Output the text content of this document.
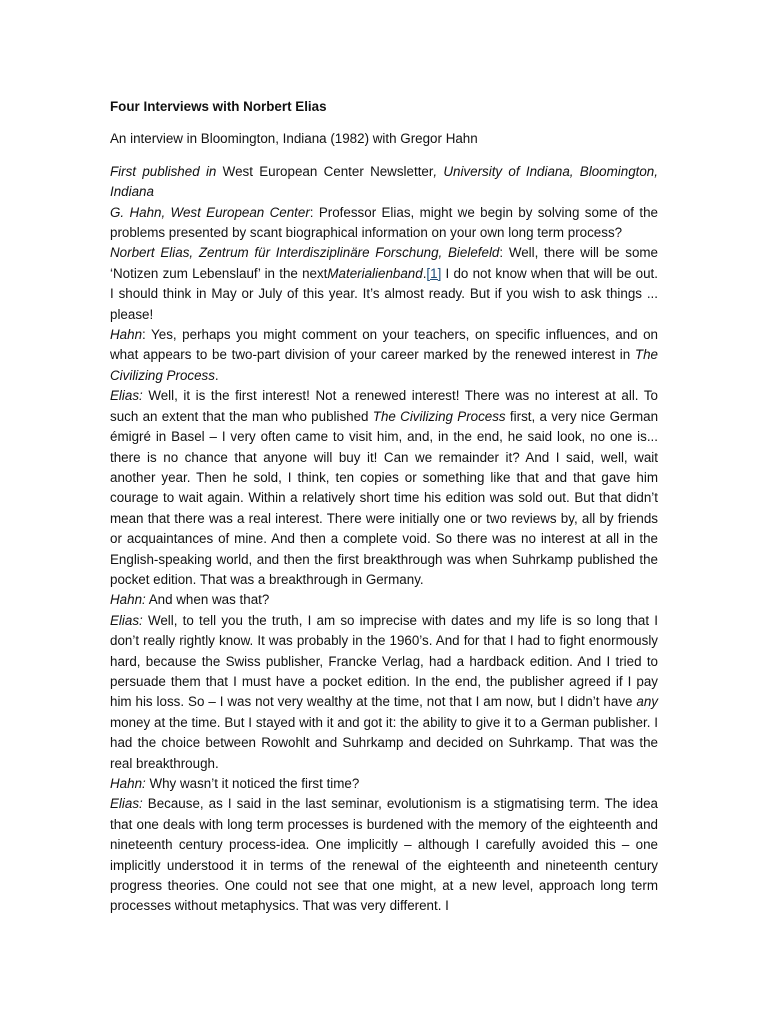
Four Interviews with Norbert Elias
An interview in Bloomington, Indiana (1982) with Gregor Hahn

First published in West European Center Newsletter, University of Indiana, Bloomington, Indiana

G. Hahn, West European Center: Professor Elias, might we begin by solving some of the problems presented by scant biographical information on your own long term process?

Norbert Elias, Zentrum für Interdisziplinäre Forschung, Bielefeld: Well, there will be some ‘Notizen zum Lebenslauf’ in the nextMaterialienband.[1] I do not know when that will be out. I should think in May or July of this year. It’s almost ready. But if you wish to ask things ... please!

Hahn: Yes, perhaps you might comment on your teachers, on specific influences, and on what appears to be two-part division of your career marked by the renewed interest in The Civilizing Process.

Elias: Well, it is the first interest! Not a renewed interest! There was no interest at all. To such an extent that the man who published The Civilizing Process first, a very nice German émigré in Basel – I very often came to visit him, and, in the end, he said look, no one is... there is no chance that anyone will buy it! Can we remainder it? And I said, well, wait another year. Then he sold, I think, ten copies or something like that and that gave him courage to wait again. Within a relatively short time his edition was sold out. But that didn’t mean that there was a real interest. There were initially one or two reviews by, all by friends or acquaintances of mine. And then a complete void. So there was no interest at all in the English-speaking world, and then the first breakthrough was when Suhrkamp published the pocket edition. That was a breakthrough in Germany.

Hahn: And when was that?

Elias: Well, to tell you the truth, I am so imprecise with dates and my life is so long that I don’t really rightly know. It was probably in the 1960’s. And for that I had to fight enormously hard, because the Swiss publisher, Francke Verlag, had a hardback edition. And I tried to persuade them that I must have a pocket edition. In the end, the publisher agreed if I pay him his loss. So – I was not very wealthy at the time, not that I am now, but I didn’t have any money at the time. But I stayed with it and got it: the ability to give it to a German publisher. I had the choice between Rowohlt and Suhrkamp and decided on Suhrkamp. That was the real breakthrough.

Hahn: Why wasn’t it noticed the first time?

Elias: Because, as I said in the last seminar, evolutionism is a stigmatising term. The idea that one deals with long term processes is burdened with the memory of the eighteenth and nineteenth century process-idea. One implicitly – although I carefully avoided this – one implicitly understood it in terms of the renewal of the eighteenth and nineteenth century progress theories. One could not see that one might, at a new level, approach long term processes without metaphysics. That was very different. I
